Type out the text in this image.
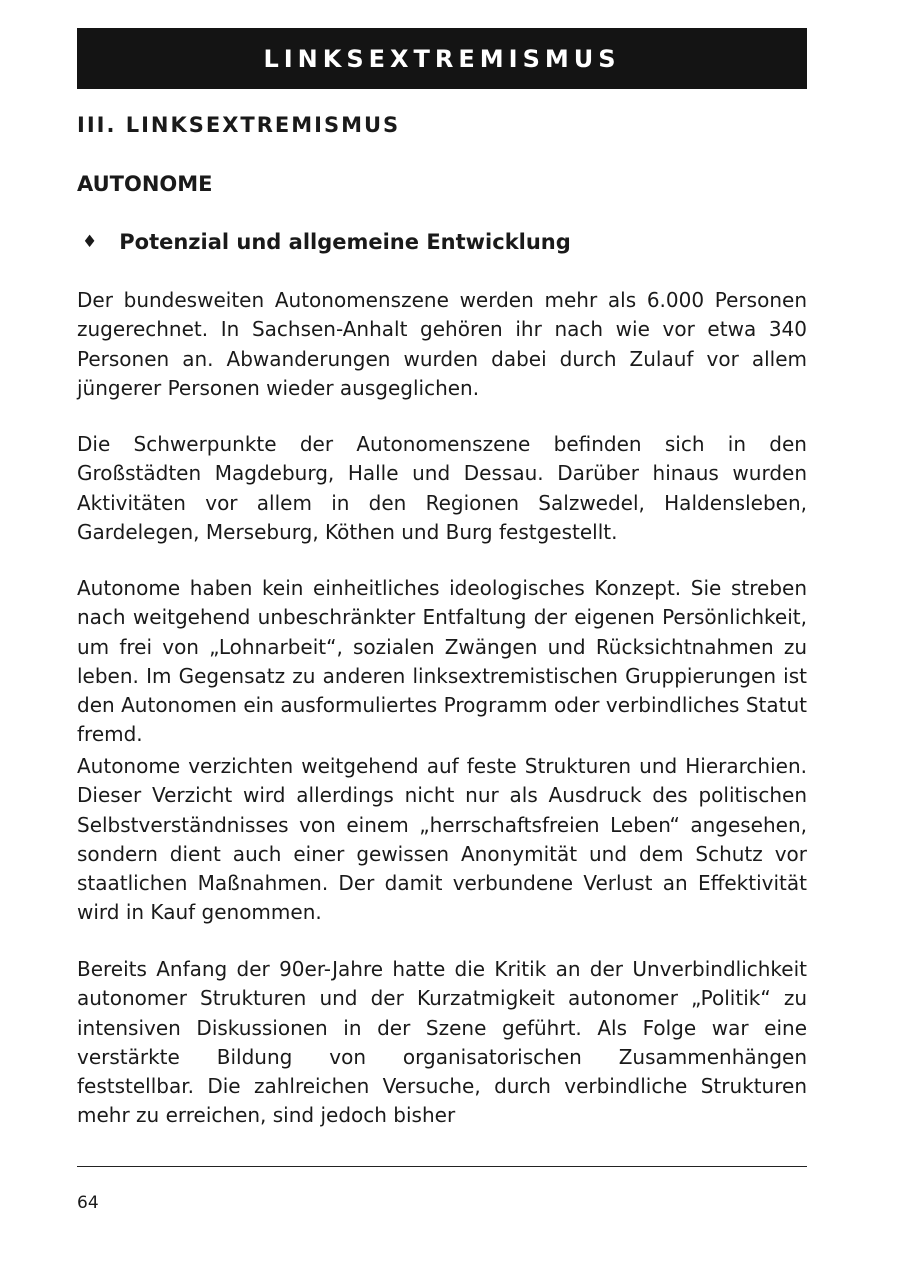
LINKSEXTREMISMUS
III. LINKSEXTREMISMUS
AUTONOME
♦ Potenzial und allgemeine Entwicklung

Der bundesweiten Autonomenszene werden mehr als 6.000 Personen zugerechnet. In Sachsen-Anhalt gehören ihr nach wie vor etwa 340 Personen an. Abwanderungen wurden dabei durch Zulauf vor allem jüngerer Personen wieder ausgeglichen.

Die Schwerpunkte der Autonomenszene befinden sich in den Großstädten Magdeburg, Halle und Dessau. Darüber hinaus wurden Aktivitäten vor allem in den Regionen Salzwedel, Haldensleben, Gardelegen, Merseburg, Köthen und Burg festgestellt.

Autonome haben kein einheitliches ideologisches Konzept. Sie streben nach weitgehend unbeschränkter Entfaltung der eigenen Persönlichkeit, um frei von „Lohnarbeit“, sozialen Zwängen und Rücksichtnahmen zu leben. Im Gegensatz zu anderen linksextremistischen Gruppierungen ist den Autonomen ein ausformuliertes Programm oder verbindliches Statut fremd.

Autonome verzichten weitgehend auf feste Strukturen und Hierarchien. Dieser Verzicht wird allerdings nicht nur als Ausdruck des politischen Selbstverständnisses von einem „herrschaftsfreien Leben“ angesehen, sondern dient auch einer gewissen Anonymität und dem Schutz vor staatlichen Maßnahmen. Der damit verbundene Verlust an Effektivität wird in Kauf genommen.

Bereits Anfang der 90er-Jahre hatte die Kritik an der Unverbindlichkeit autonomer Strukturen und der Kurzatmigkeit autonomer „Politik“ zu intensiven Diskussionen in der Szene geführt. Als Folge war eine verstärkte Bildung von organisatorischen Zusammenhängen feststellbar. Die zahlreichen Versuche, durch verbindliche Strukturen mehr zu erreichen, sind jedoch bisher

64
